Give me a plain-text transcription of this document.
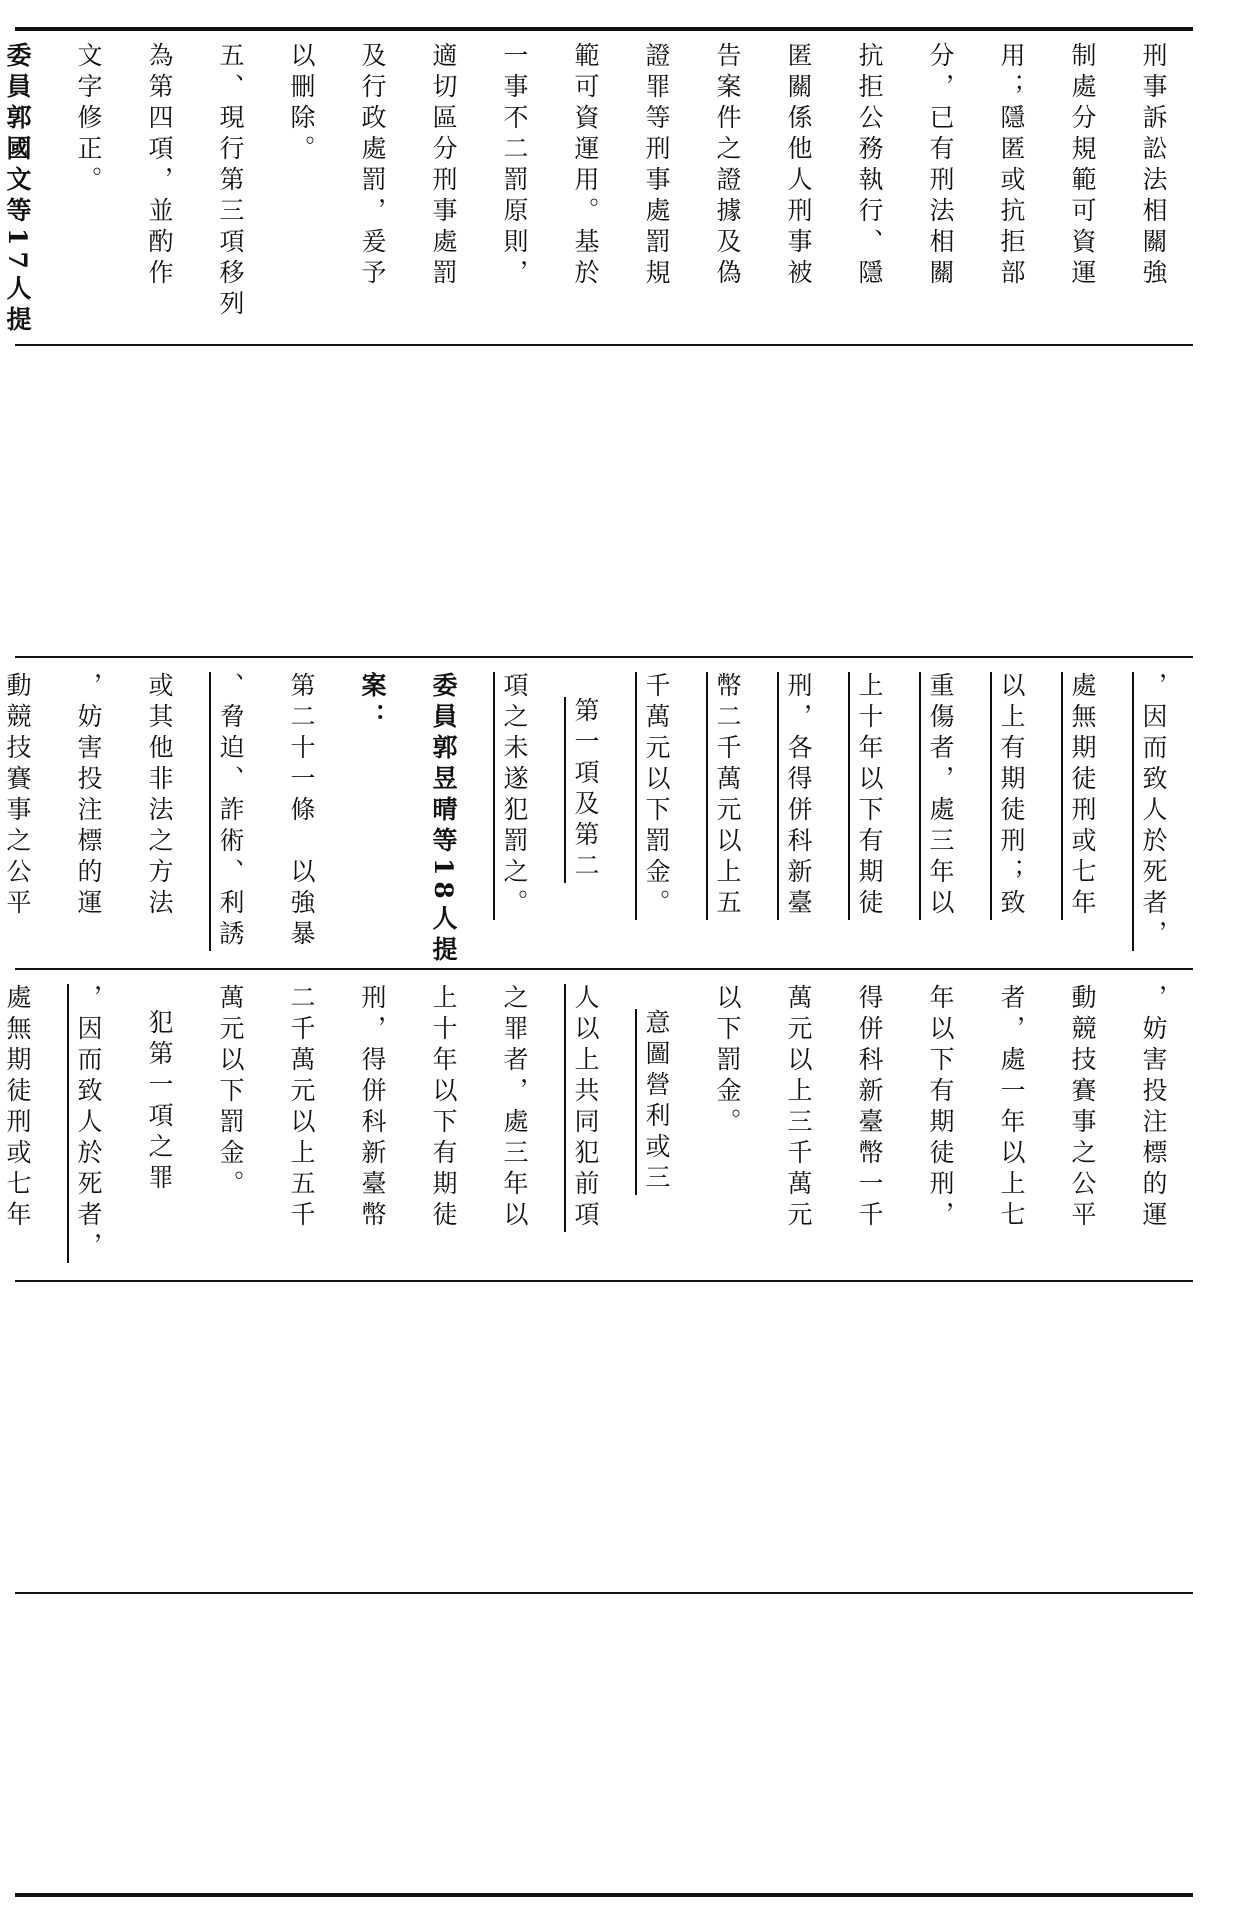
刑事訴訟法相關強
制處分規範可資運
用；隱匿或抗拒部
分，已有刑法相關
抗拒公務執行、隱
匿關係他人刑事被
告案件之證據及偽
證罪等刑事處罰規
範可資運用。基於
一事不二罰原則，
適切區分刑事處罰
及行政處罰，爰予
以刪除。
五、現行第三項移列
為第四項，並酌作
文字修正。
委員郭國文等17人提
，因而致人於死者，
處無期徒刑或七年
以上有期徒刑；致
重傷者，處三年以
上十年以下有期徒
刑，各得併科新臺
幣二千萬元以上五
千萬元以下罰金。
第一項及第二
項之未遂犯罰之。
委員郭昱晴等18人提
案：
第二十一條　以強暴
、脅迫、詐術、利誘
或其他非法之方法
，妨害投注標的運
動競技賽事之公平
，妨害投注標的運
動競技賽事之公平
者，處一年以上七
年以下有期徒刑，
得併科新臺幣一千
萬元以上三千萬元
以下罰金。
意圖營利或三
人以上共同犯前項
之罪者，處三年以
上十年以下有期徒
刑，得併科新臺幣
二千萬元以上五千
萬元以下罰金。
犯第一項之罪
，因而致人於死者，
處無期徒刑或七年
